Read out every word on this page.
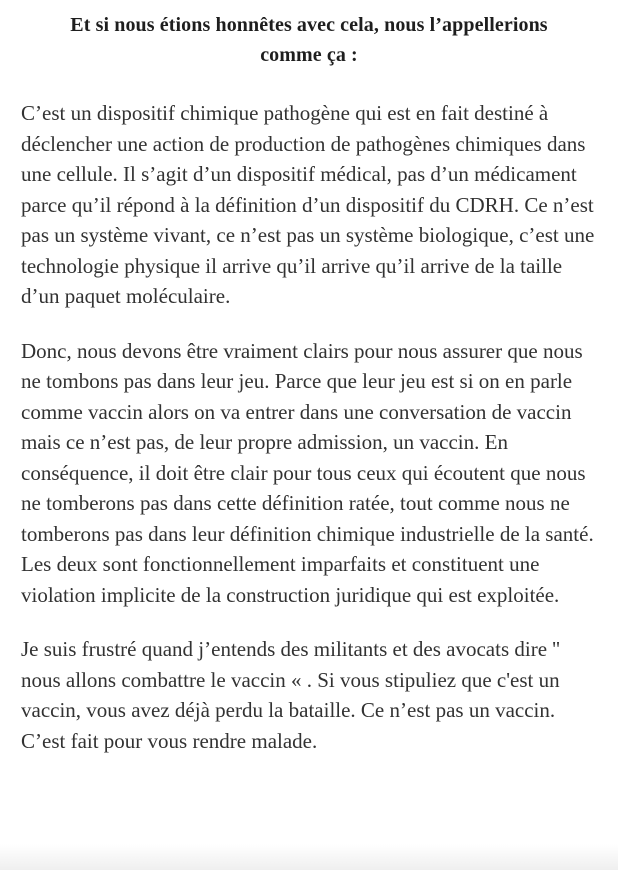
Et si nous étions honnêtes avec cela, nous l’appellerions comme ça :

C’est un dispositif chimique pathogène qui est en fait destiné à déclencher une action de production de pathogènes chimiques dans une cellule. Il s’agit d’un dispositif médical, pas d’un médicament parce qu’il répond à la définition d’un dispositif du CDRH. Ce n’est pas un système vivant, ce n’est pas un système biologique, c’est une technologie physique il arrive qu’il arrive qu’il arrive de la taille d’un paquet moléculaire.

Donc, nous devons être vraiment clairs pour nous assurer que nous ne tombons pas dans leur jeu. Parce que leur jeu est si on en parle comme vaccin alors on va entrer dans une conversation de vaccin mais ce n’est pas, de leur propre admission, un vaccin. En conséquence, il doit être clair pour tous ceux qui écoutent que nous ne tomberons pas dans cette définition ratée, tout comme nous ne tomberons pas dans leur définition chimique industrielle de la santé. Les deux sont fonctionnellement imparfaits et constituent une violation implicite de la construction juridique qui est exploitée.

Je suis frustré quand j’entends des militants et des avocats dire '' nous allons combattre le vaccin « . Si vous stipuliez que c'est un vaccin, vous avez déjà perdu la bataille. Ce n’est pas un vaccin. C’est fait pour vous rendre malade.
